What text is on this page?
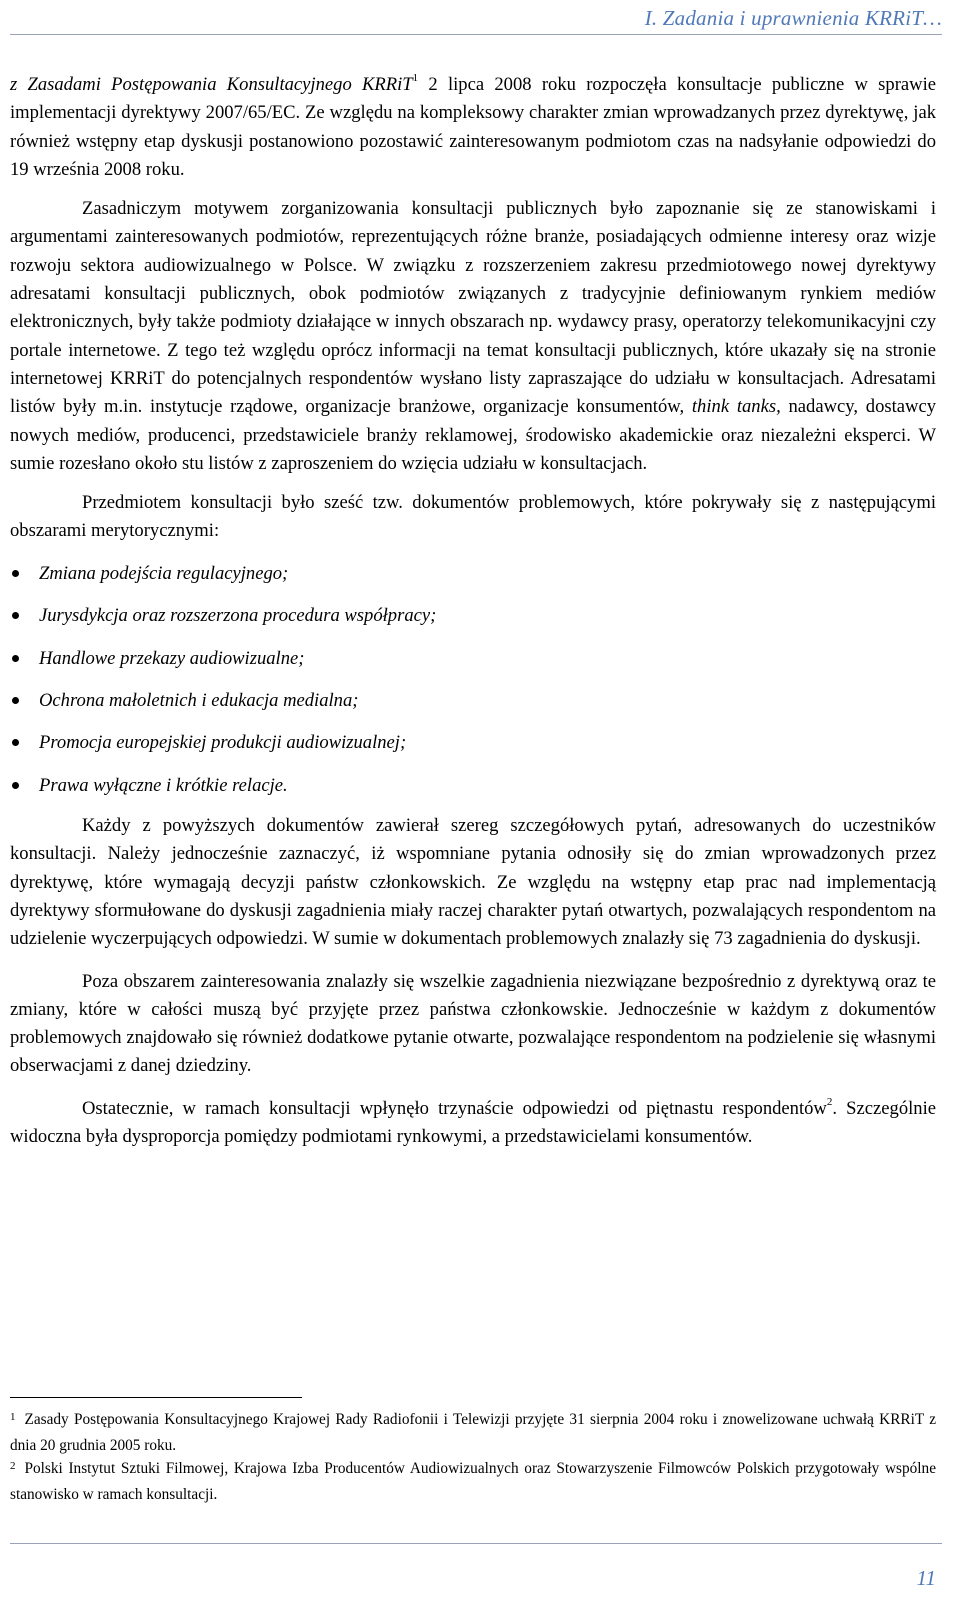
I. Zadania i uprawnienia KRRiT…

z Zasadami Postępowania Konsultacyjnego KRRiT$^1$ 2 lipca 2008 roku rozpoczęła konsultacje publiczne w sprawie implementacji dyrektywy 2007/65/EC. Ze względu na kompleksowy charakter zmian wprowadzanych przez dyrektywę, jak również wstępny etap dyskusji postanowiono pozostawić zainteresowanym podmiotom czas na nadsyłanie odpowiedzi do 19 września 2008 roku.

Zasadniczym motywem zorganizowania konsultacji publicznych było zapoznanie się ze stanowiskami i argumentami zainteresowanych podmiotów, reprezentujących różne branże, posiadających odmienne interesy oraz wizje rozwoju sektora audiowizualnego w Polsce. W związku z rozszerzeniem zakresu przedmiotowego nowej dyrektywy adresatami konsultacji publicznych, obok podmiotów związanych z tradycyjnie definiowanym rynkiem mediów elektronicznych, były także podmioty działające w innych obszarach np. wydawcy prasy, operatorzy telekomunikacyjni czy portale internetowe. Z tego też względu oprócz informacji na temat konsultacji publicznych, które ukazały się na stronie internetowej KRRiT do potencjalnych respondentów wysłano listy zapraszające do udziału w konsultacjach. Adresatami listów były m.in. instytucje rządowe, organizacje branżowe, organizacje konsumentów, think tanks, nadawcy, dostawcy nowych mediów, producenci, przedstawiciele branży reklamowej, środowisko akademickie oraz niezależni eksperci. W sumie rozesłano około stu listów z zaproszeniem do wzięcia udziału w konsultacjach.

Przedmiotem konsultacji było sześć tzw. dokumentów problemowych, które pokrywały się z następującymi obszarami merytorycznymi:

Zmiana podejścia regulacyjnego;
Jurysdykcja oraz rozszerzona procedura współpracy;
Handlowe przekazy audiowizualne;
Ochrona małoletnich i edukacja medialna;
Promocja europejskiej produkcji audiowizualnej;
Prawa wyłączne i krótkie relacje.

Każdy z powyższych dokumentów zawierał szereg szczegółowych pytań, adresowanych do uczestników konsultacji. Należy jednocześnie zaznaczyć, iż wspomniane pytania odnosiły się do zmian wprowadzonych przez dyrektywę, które wymagają decyzji państw członkowskich. Ze względu na wstępny etap prac nad implementacją dyrektywy sformułowane do dyskusji zagadnienia miały raczej charakter pytań otwartych, pozwalających respondentom na udzielenie wyczerpujących odpowiedzi. W sumie w dokumentach problemowych znalazły się 73 zagadnienia do dyskusji.

Poza obszarem zainteresowania znalazły się wszelkie zagadnienia niezwiązane bezpośrednio z dyrektywą oraz te zmiany, które w całości muszą być przyjęte przez państwa członkowskie. Jednocześnie w każdym z dokumentów problemowych znajdowało się również dodatkowe pytanie otwarte, pozwalające respondentom na podzielenie się własnymi obserwacjami z danej dziedziny.

Ostatecznie, w ramach konsultacji wpłynęło trzynaście odpowiedzi od piętnastu respondentów$^2$. Szczególnie widoczna była dysproporcja pomiędzy podmiotami rynkowymi, a przedstawicielami konsumentów.

$^1$ Zasady Postępowania Konsultacyjnego Krajowej Rady Radiofonii i Telewizji przyjęte 31 sierpnia 2004 roku i znowelizowane uchwałą KRRiT z dnia 20 grudnia 2005 roku.

$^2$ Polski Instytut Sztuki Filmowej, Krajowa Izba Producentów Audiowizualnych oraz Stowarzyszenie Filmowców Polskich przygotowały wspólne stanowisko w ramach konsultacji.

11
